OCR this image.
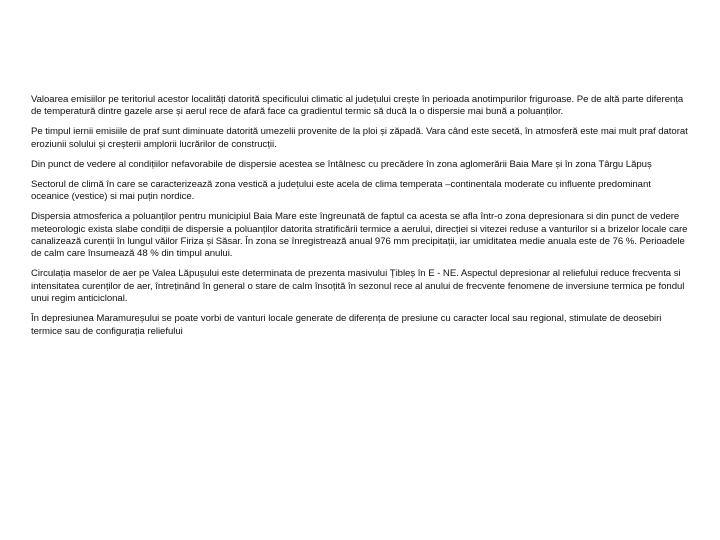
Valoarea emisiilor pe teritoriul acestor localități datorită specificului climatic al județului crește în perioada anotimpurilor friguroase. Pe de altă parte diferența de temperatură dintre gazele arse și aerul rece de afară face ca gradientul termic să ducă la o dispersie mai bună a poluanților.

Pe timpul iernii emisiile de praf sunt diminuate datorită umezelii provenite de la ploi și zăpadă. Vara când este secetă, în atmosferă este mai mult praf datorat eroziunii solului și creșterii amplorii lucrărilor de construcții.

Din punct de vedere al condițiilor nefavorabile de dispersie acestea se întâlnesc cu precădere în zona aglomerării Baia Mare și în zona Târgu Lăpuș

Sectorul de climă în care se caracterizează zona vestică a județului este acela de clima temperata –continentala moderate cu influente predominant oceanice (vestice) si mai puțin nordice.

Dispersia atmosferica a poluanților pentru municipiul Baia Mare este îngreunată de faptul ca acesta se afla într-o zona depresionara si din punct de vedere meteorologic exista slabe condiții de dispersie a poluanților datorita stratificării termice a aerului, direcției si vitezei reduse a vanturilor si a brizelor locale care canalizează curenții în lungul văilor Firiza și Săsar. În zona se înregistrează anual 976 mm precipitații, iar umiditatea medie anuala este de 76 %. Perioadele de calm care însumează 48 % din timpul anului.

Circulația maselor de aer pe Valea Lăpușului este determinata de prezenta masivului Țibleș în E - NE. Aspectul depresionar al reliefului reduce frecventa si intensitatea curenților de aer, întreținând în general o stare de calm însoțită în sezonul rece al anului de frecvente fenomene de inversiune termica pe fondul unui regim anticiclonal.

În depresiunea Maramureșului se poate vorbi de vanturi locale generate de diferența de presiune cu caracter local sau regional, stimulate de deosebiri termice sau de configurația reliefului
